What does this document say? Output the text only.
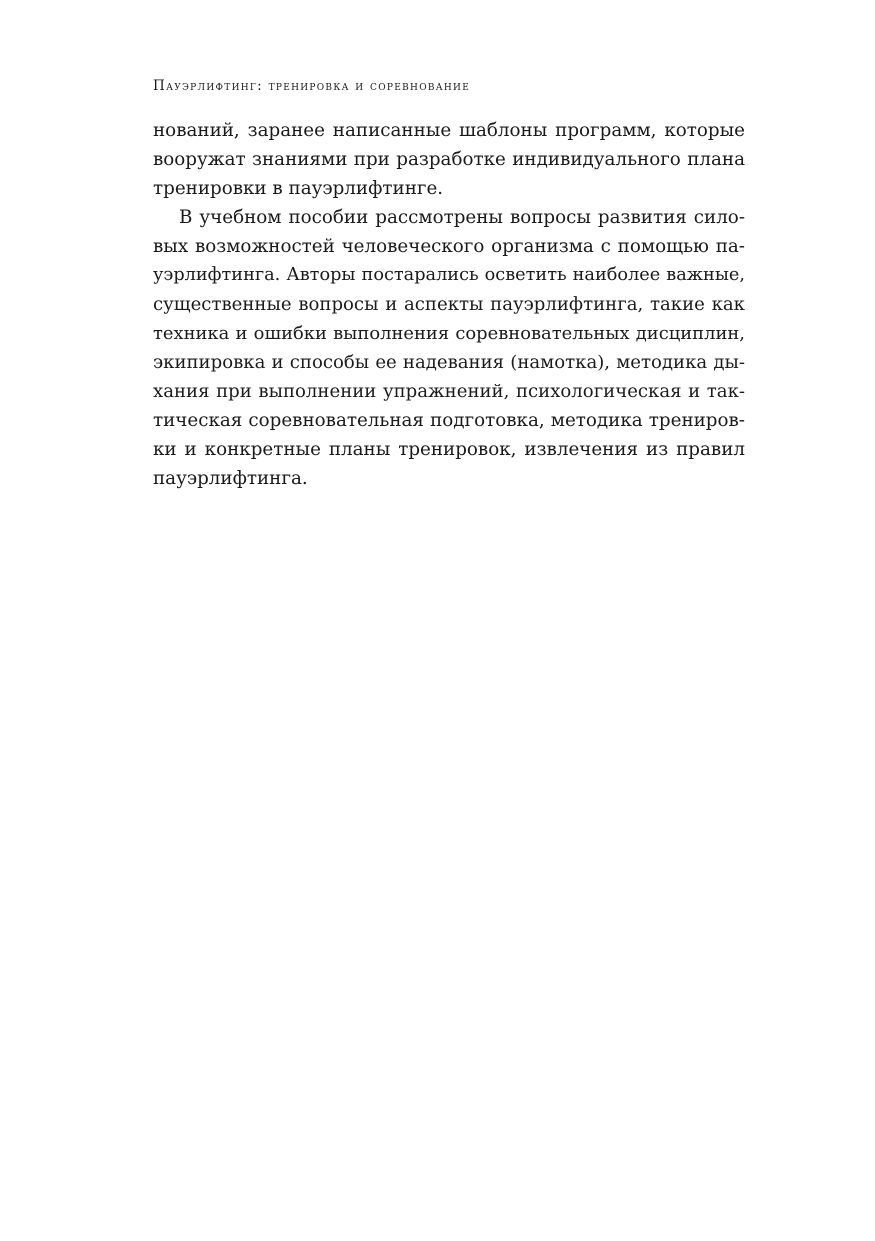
Пауэрлифтинг: тренировка и соревнование
нований, заранее написанные шаблоны программ, которые
вооружат знаниями при разработке индивидуального плана
тренировки в пауэрлифтинге.
В учебном пособии рассмотрены вопросы развития сило-
вых возможностей человеческого организма с помощью па-
уэрлифтинга. Авторы постарались осветить наиболее важные,
существенные вопросы и аспекты пауэрлифтинга, такие как
техника и ошибки выполнения соревновательных дисциплин,
экипировка и способы ее надевания (намотка), методика ды-
хания при выполнении упражнений, психологическая и так-
тическая соревновательная подготовка, методика трениров-
ки и конкретные планы тренировок, извлечения из правил
пауэрлифтинга.
